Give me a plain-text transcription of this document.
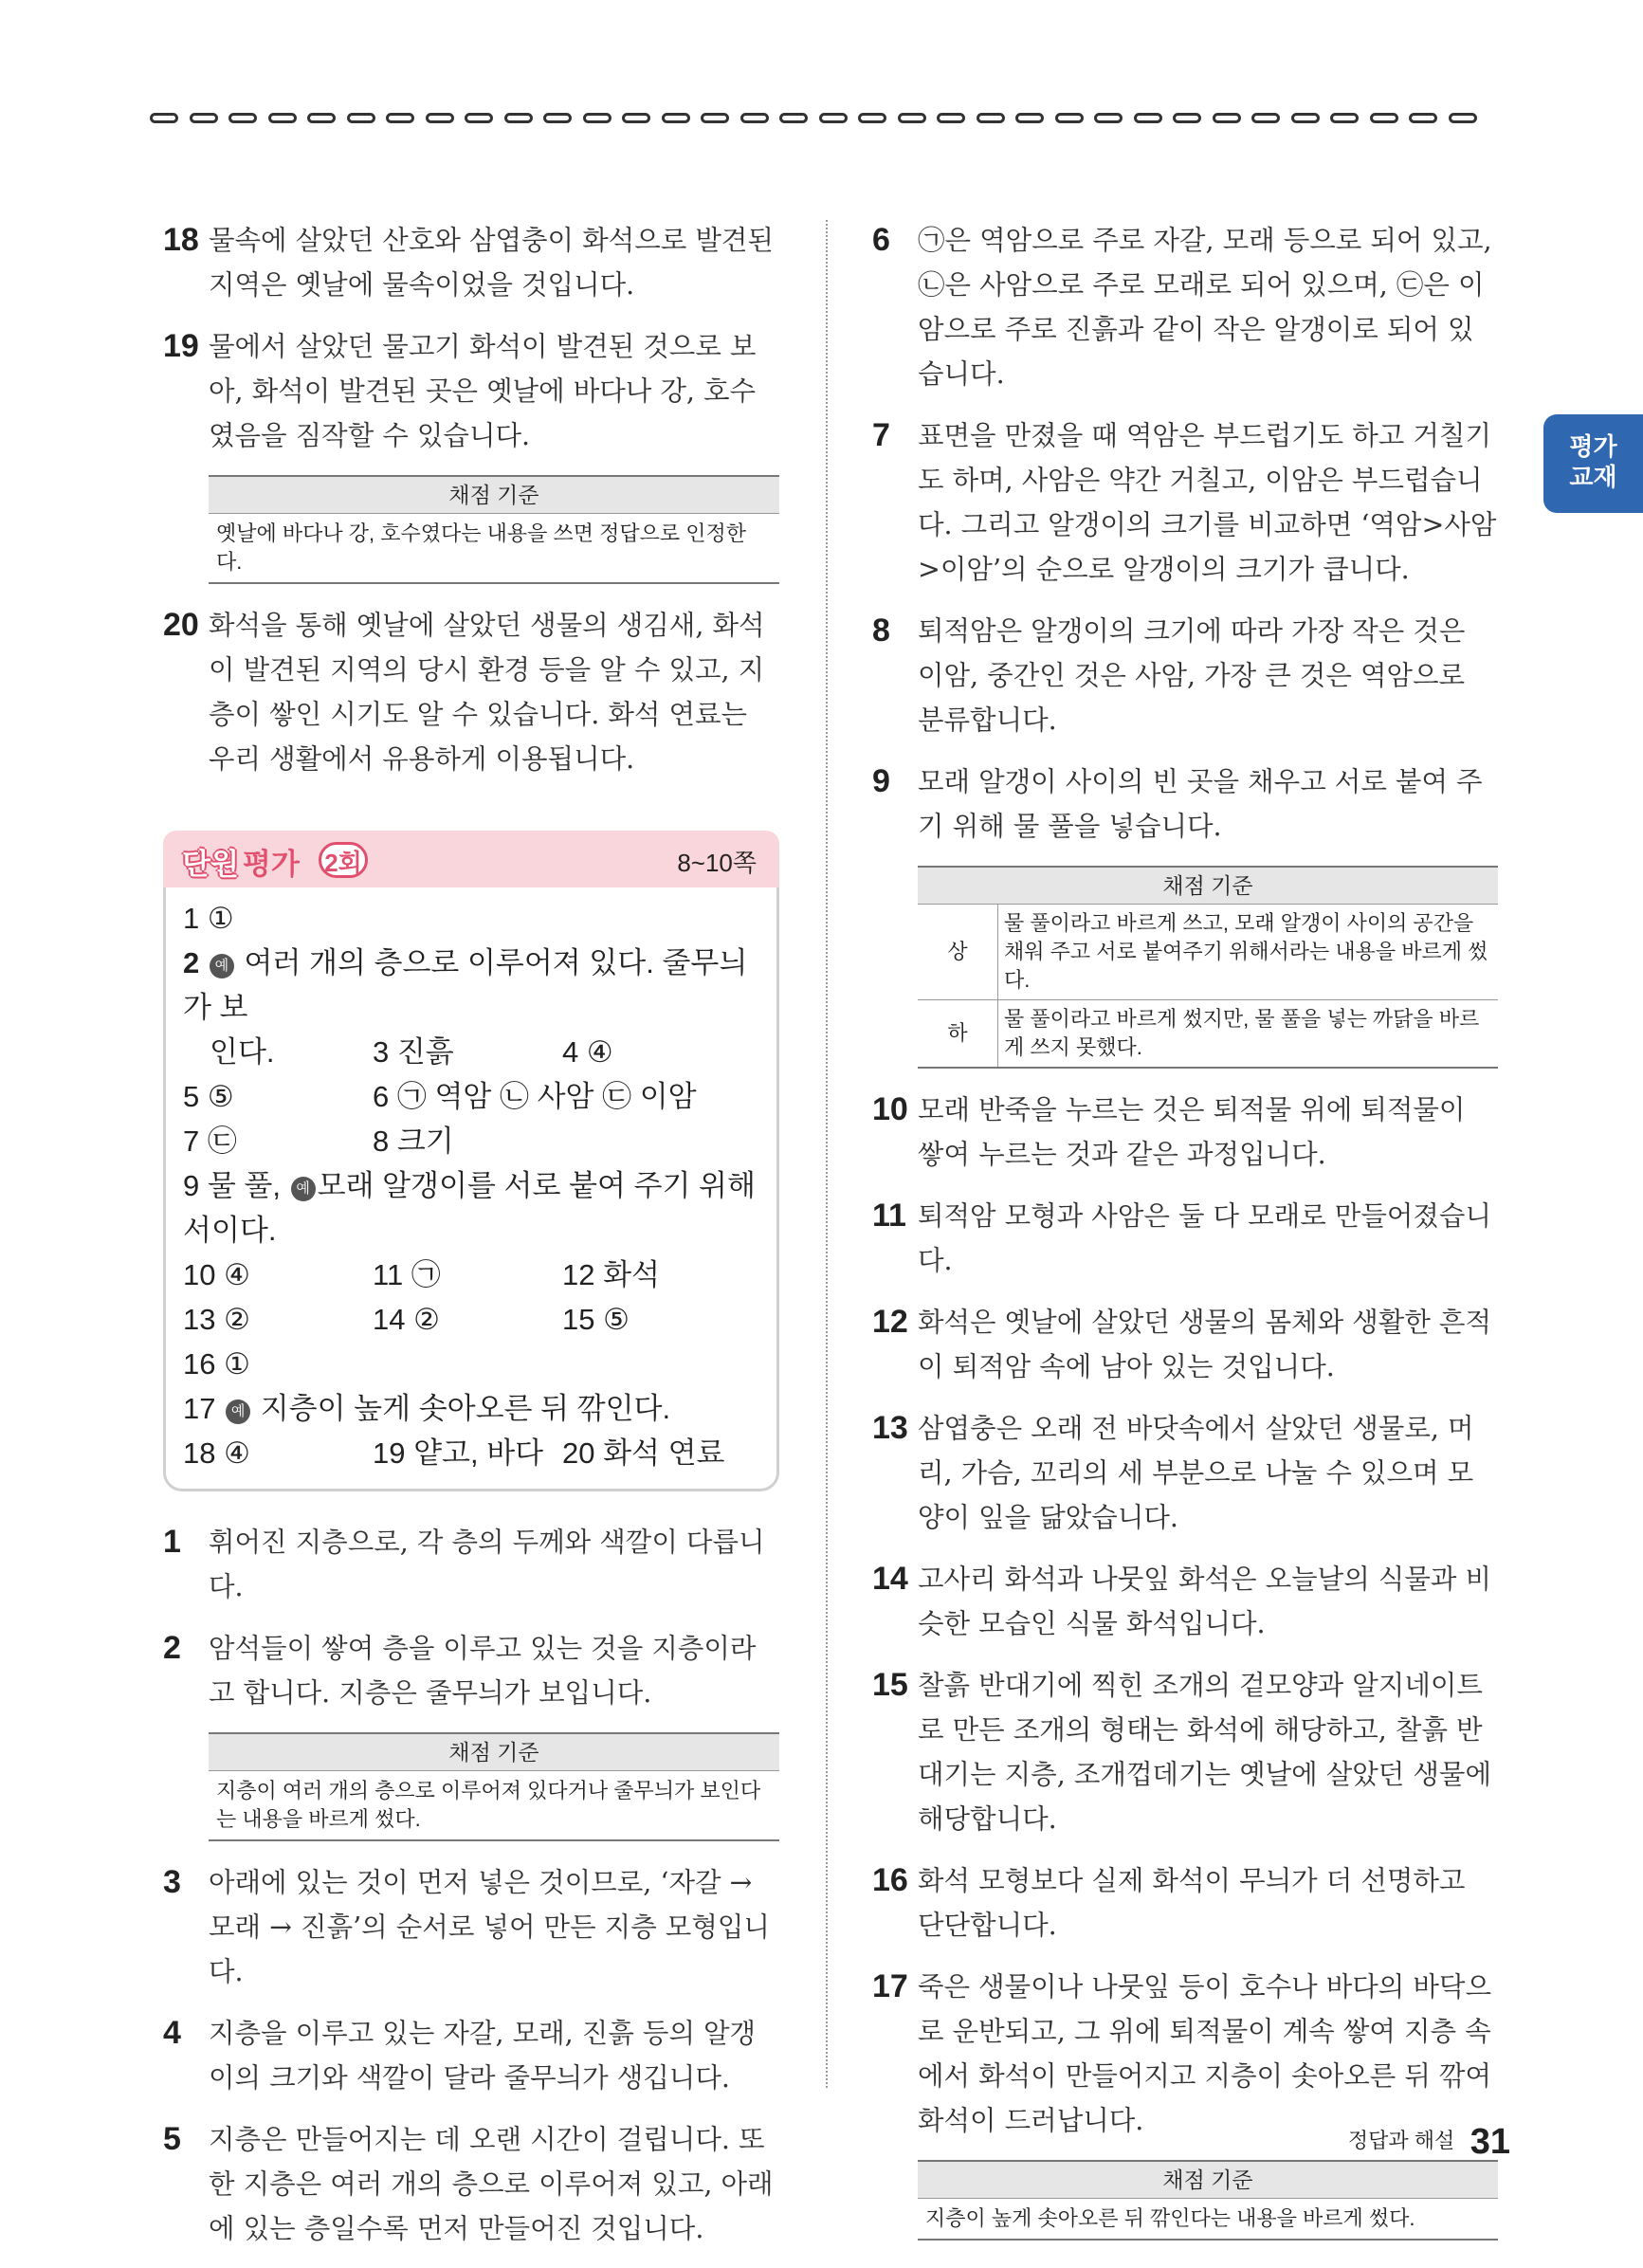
평가
교재
18 물속에 살았던 산호와 삼엽충이 화석으로 발견된 지역은 옛날에 물속이었을 것입니다.
19 물에서 살았던 물고기 화석이 발견된 것으로 보아, 화석이 발견된 곳은 옛날에 바다나 강, 호수였음을 짐작할 수 있습니다.
채점 기준
옛날에 바다나 강, 호수였다는 내용을 쓰면 정답으로 인정한다.
20 화석을 통해 옛날에 살았던 생물의 생김새, 화석이 발견된 지역의 당시 환경 등을 알 수 있고, 지층이 쌓인 시기도 알 수 있습니다. 화석 연료는 우리 생활에서 유용하게 이용됩니다.
단원 평가 2회	8~10쪽
1 ①
2 예 여러 개의 층으로 이루어져 있다. 줄무늬가 보
인다.	3 진흙	4 ④
5 ⑤	6 ㉠ 역암 ㉡ 사암 ㉢ 이암
7 ㉢	8 크기
9 물 풀, 예 모래 알갱이를 서로 붙여 주기 위해서이다.
10 ④	11 ㉠	12 화석
13 ②	14 ②	15 ⑤
16 ①
17 예 지층이 높게 솟아오른 뒤 깎인다.
18 ④	19 얕고, 바다 20 화석 연료
1 휘어진 지층으로, 각 층의 두께와 색깔이 다릅니다.
2 암석들이 쌓여 층을 이루고 있는 것을 지층이라고 합니다. 지층은 줄무늬가 보입니다.
채점 기준
지층이 여러 개의 층으로 이루어져 있다거나 줄무늬가 보인다는 내용을 바르게 썼다.
3 아래에 있는 것이 먼저 넣은 것이므로, ‘자갈 → 모래 → 진흙’의 순서로 넣어 만든 지층 모형입니다.
4 지층을 이루고 있는 자갈, 모래, 진흙 등의 알갱이의 크기와 색깔이 달라 줄무늬가 생깁니다.
5 지층은 만들어지는 데 오랜 시간이 걸립니다. 또한 지층은 여러 개의 층으로 이루어져 있고, 아래에 있는 층일수록 먼저 만들어진 것입니다.
6 ㉠은 역암으로 주로 자갈, 모래 등으로 되어 있고, ㉡은 사암으로 주로 모래로 되어 있으며, ㉢은 이암으로 주로 진흙과 같이 작은 알갱이로 되어 있습니다.
7 표면을 만졌을 때 역암은 부드럽기도 하고 거칠기도 하며, 사암은 약간 거칠고, 이암은 부드럽습니다. 그리고 알갱이의 크기를 비교하면 ‘역암>사암>이암’의 순으로 알갱이의 크기가 큽니다.
8 퇴적암은 알갱이의 크기에 따라 가장 작은 것은 이암, 중간인 것은 사암, 가장 큰 것은 역암으로 분류합니다.
9 모래 알갱이 사이의 빈 곳을 채우고 서로 붙여 주기 위해 물 풀을 넣습니다.
채점 기준
상	물 풀이라고 바르게 쓰고, 모래 알갱이 사이의 공간을 채워 주고 서로 붙여주기 위해서라는 내용을 바르게 썼다.
하	물 풀이라고 바르게 썼지만, 물 풀을 넣는 까닭을 바르게 쓰지 못했다.
10 모래 반죽을 누르는 것은 퇴적물 위에 퇴적물이 쌓여 누르는 것과 같은 과정입니다.
11 퇴적암 모형과 사암은 둘 다 모래로 만들어졌습니다.
12 화석은 옛날에 살았던 생물의 몸체와 생활한 흔적이 퇴적암 속에 남아 있는 것입니다.
13 삼엽충은 오래 전 바닷속에서 살았던 생물로, 머리, 가슴, 꼬리의 세 부분으로 나눌 수 있으며 모양이 잎을 닮았습니다.
14 고사리 화석과 나뭇잎 화석은 오늘날의 식물과 비슷한 모습인 식물 화석입니다.
15 찰흙 반대기에 찍힌 조개의 겉모양과 알지네이트로 만든 조개의 형태는 화석에 해당하고, 찰흙 반대기는 지층, 조개껍데기는 옛날에 살았던 생물에 해당합니다.
16 화석 모형보다 실제 화석이 무늬가 더 선명하고 단단합니다.
17 죽은 생물이나 나뭇잎 등이 호수나 바다의 바닥으로 운반되고, 그 위에 퇴적물이 계속 쌓여 지층 속에서 화석이 만들어지고 지층이 솟아오른 뒤 깎여 화석이 드러납니다.
채점 기준
지층이 높게 솟아오른 뒤 깎인다는 내용을 바르게 썼다.
정답과 해설 31
